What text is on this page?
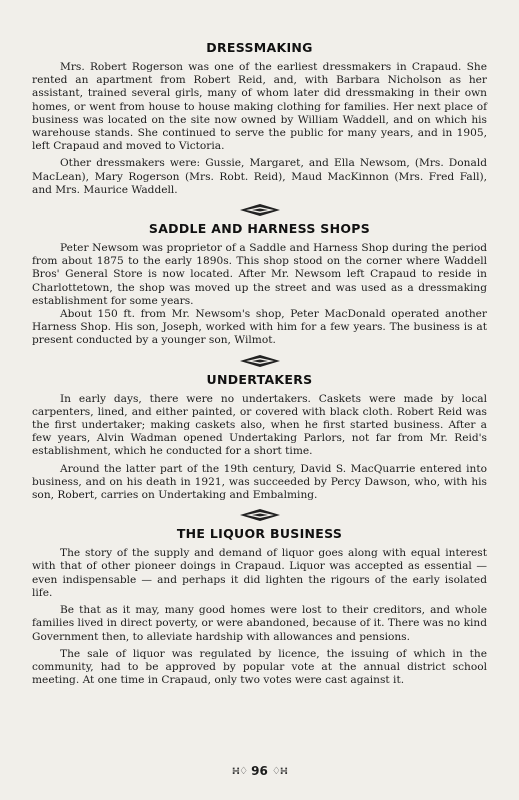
DRESSMAKING

Mrs. Robert Rogerson was one of the earliest dressmakers in Crapaud. She rented an apartment from Robert Reid, and, with Barbara Nicholson as her assistant, trained several girls, many of whom later did dressmaking in their own homes, or went from house to house making clothing for families. Her next place of business was located on the site now owned by William Waddell, and on which his warehouse stands. She continued to serve the public for many years, and in 1905, left Crapaud and moved to Victoria.

Other dressmakers were: Gussie, Margaret, and Ella Newsom, (Mrs. Donald MacLean), Mary Rogerson (Mrs. Robt. Reid), Maud MacKinnon (Mrs. Fred Fall), and Mrs. Maurice Waddell.

SADDLE AND HARNESS SHOPS

Peter Newsom was proprietor of a Saddle and Harness Shop during the period from about 1875 to the early 1890s. This shop stood on the corner where Waddell Bros' General Store is now located. After Mr. Newsom left Crapaud to reside in Charlottetown, the shop was moved up the street and was used as a dressmaking establishment for some years.

About 150 ft. from Mr. Newsom's shop, Peter MacDonald operated another Harness Shop. His son, Joseph, worked with him for a few years. The business is at present conducted by a younger son, Wilmot.

UNDERTAKERS

In early days, there were no undertakers. Caskets were made by local carpenters, lined, and either painted, or covered with black cloth. Robert Reid was the first undertaker; making caskets also, when he first started business. After a few years, Alvin Wadman opened Undertaking Parlors, not far from Mr. Reid's establishment, which he conducted for a short time.

Around the latter part of the 19th century, David S. MacQuarrie entered into business, and on his death in 1921, was succeeded by Percy Dawson, who, with his son, Robert, carries on Undertaking and Embalming.

THE LIQUOR BUSINESS

The story of the supply and demand of liquor goes along with equal interest with that of other pioneer doings in Crapaud. Liquor was accepted as essential — even indispensable — and perhaps it did lighten the rigours of the early isolated life.

Be that as it may, many good homes were lost to their creditors, and whole families lived in direct poverty, or were abandoned, because of it. There was no kind Government then, to alleviate hardship with allowances and pensions.

The sale of liquor was regulated by licence, the issuing of which in the community, had to be approved by popular vote at the annual district school meeting. At one time in Crapaud, only two votes were cast against it.

∺♢ 96 ♢∺
